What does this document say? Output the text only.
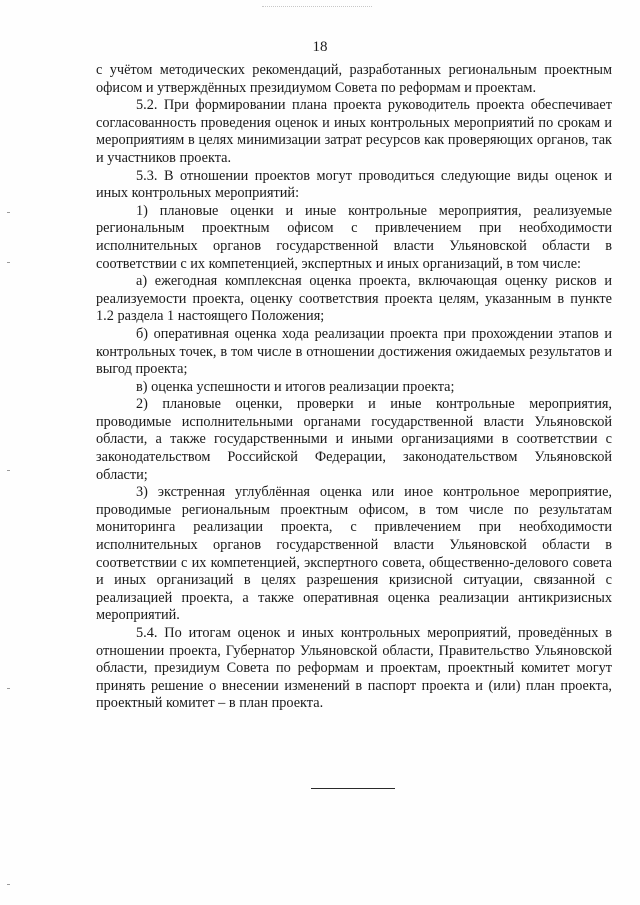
18

с учётом методических рекомендаций, разработанных региональным проектным офисом и утверждённых президиумом Совета по реформам и проектам.

5.2. При формировании плана проекта руководитель проекта обеспечивает согласованность проведения оценок и иных контрольных мероприятий по срокам и мероприятиям в целях минимизации затрат ресурсов как проверяющих органов, так и участников проекта.

5.3. В отношении проектов могут проводиться следующие виды оценок и иных контрольных мероприятий:

1) плановые оценки и иные контрольные мероприятия, реализуемые региональным проектным офисом с привлечением при необходимости исполнительных органов государственной власти Ульяновской области в соответствии с их компетенцией, экспертных и иных организаций, в том числе:

а) ежегодная комплексная оценка проекта, включающая оценку рисков и реализуемости проекта, оценку соответствия проекта целям, указанным в пункте 1.2 раздела 1 настоящего Положения;

б) оперативная оценка хода реализации проекта при прохождении этапов и контрольных точек, в том числе в отношении достижения ожидаемых результатов и выгод проекта;

в) оценка успешности и итогов реализации проекта;

2) плановые оценки, проверки и иные контрольные мероприятия, проводимые исполнительными органами государственной власти Ульяновской области, а также государственными и иными организациями в соответствии с законодательством Российской Федерации, законодательством Ульяновской области;

3) экстренная углублённая оценка или иное контрольное мероприятие, проводимые региональным проектным офисом, в том числе по результатам мониторинга реализации проекта, с привлечением при необходимости исполнительных органов государственной власти Ульяновской области в соответствии с их компетенцией, экспертного совета, общественно-делового совета и иных организаций в целях разрешения кризисной ситуации, связанной с реализацией проекта, а также оперативная оценка реализации антикризисных мероприятий.

5.4. По итогам оценок и иных контрольных мероприятий, проведённых в отношении проекта, Губернатор Ульяновской области, Правительство Ульяновской области, президиум Совета по реформам и проектам, проектный комитет могут принять решение о внесении изменений в паспорт проекта и (или) план проекта, проектный комитет – в план проекта.
